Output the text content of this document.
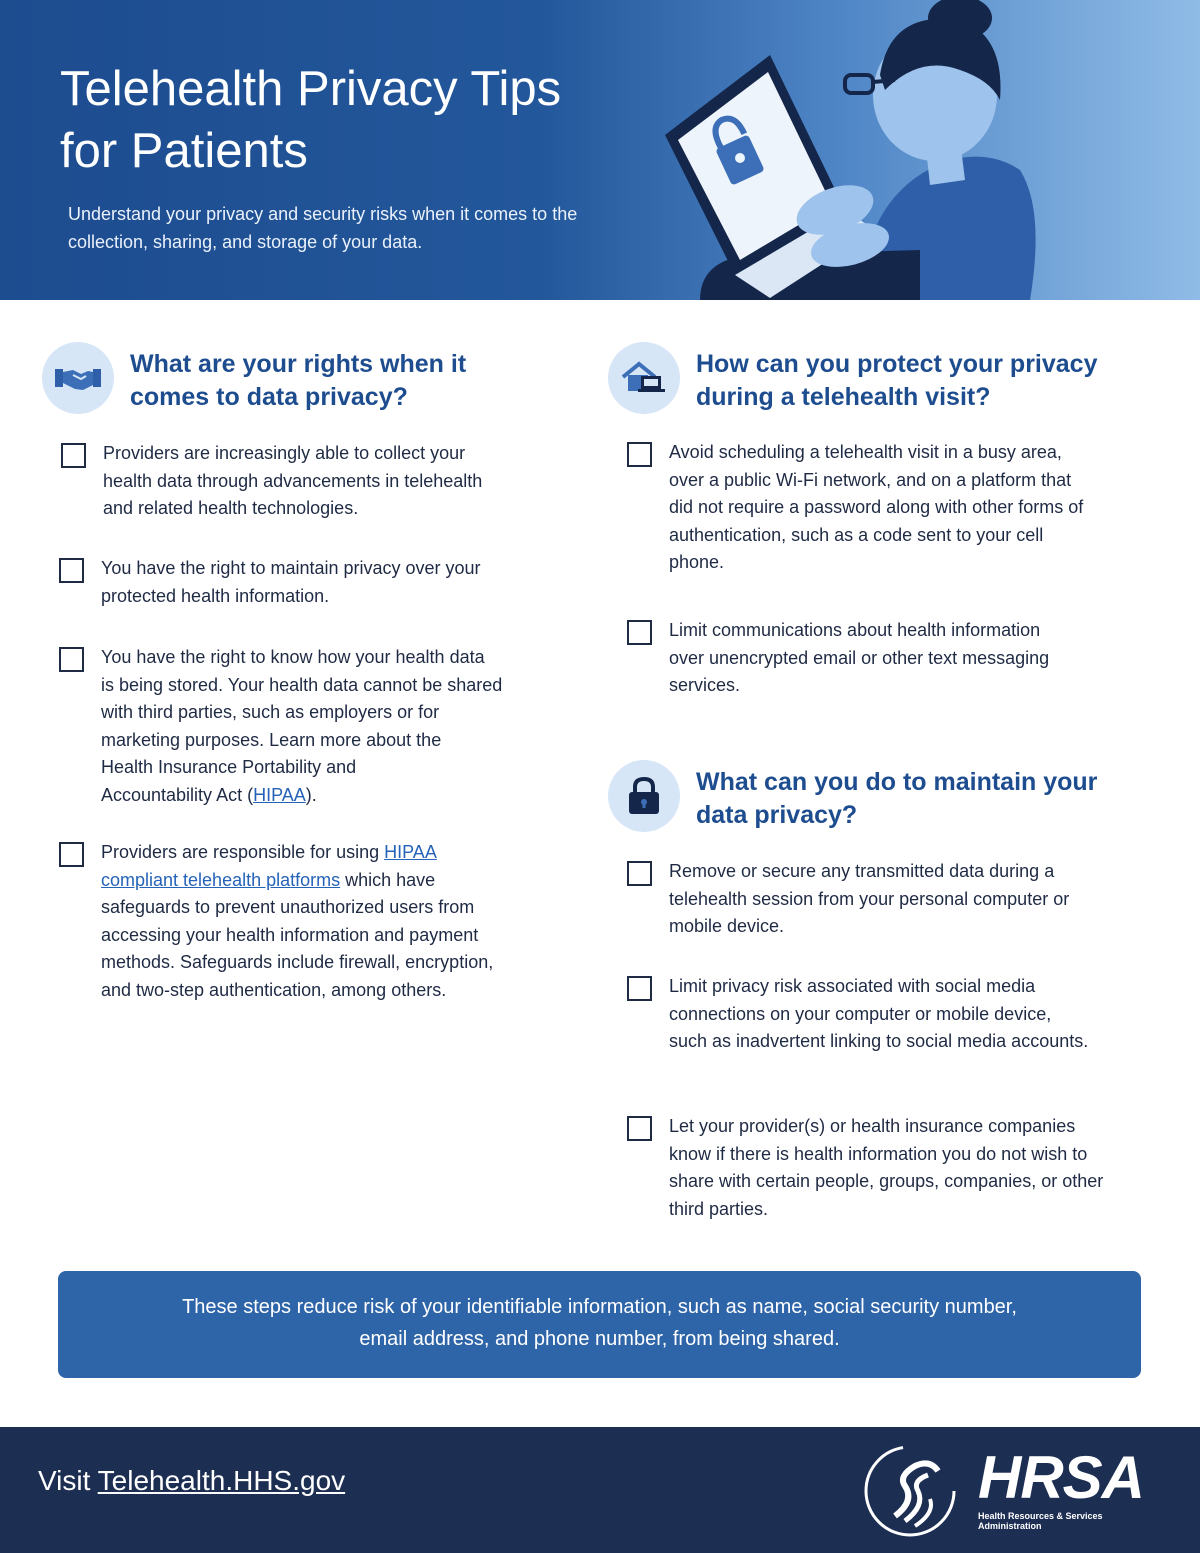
Telehealth Privacy Tips
for Patients

Understand your privacy and security risks when it comes to the
collection, sharing, and storage of your data.

What are your rights when it
comes to data privacy?
Providers are increasingly able to collect your
health data through advancements in telehealth
and related health technologies.
You have the right to maintain privacy over your
protected health information.
You have the right to know how your health data
is being stored. Your health data cannot be shared
with third parties, such as employers or for
marketing purposes. Learn more about the
Health Insurance Portability and
Accountability Act (HIPAA).
Providers are responsible for using HIPAA
compliant telehealth platforms which have
safeguards to prevent unauthorized users from
accessing your health information and payment
methods. Safeguards include firewall, encryption,
and two-step authentication, among others.
How can you protect your privacy
during a telehealth visit?
Avoid scheduling a telehealth visit in a busy area,
over a public Wi-Fi network, and on a platform that
did not require a password along with other forms of
authentication, such as a code sent to your cell
phone.
Limit communications about health information
over unencrypted email or other text messaging
services.
What can you do to maintain your
data privacy?
Remove or secure any transmitted data during a
telehealth session from your personal computer or
mobile device.
Limit privacy risk associated with social media
connections on your computer or mobile device,
such as inadvertent linking to social media accounts.
Let your provider(s) or health insurance companies
know if there is health information you do not wish to
share with certain people, groups, companies, or other
third parties.
These steps reduce risk of your identifiable information, such as name, social security number,
email address, and phone number, from being shared.
Visit Telehealth.HHS.gov	HRSA
Health Resources & Services Administration
